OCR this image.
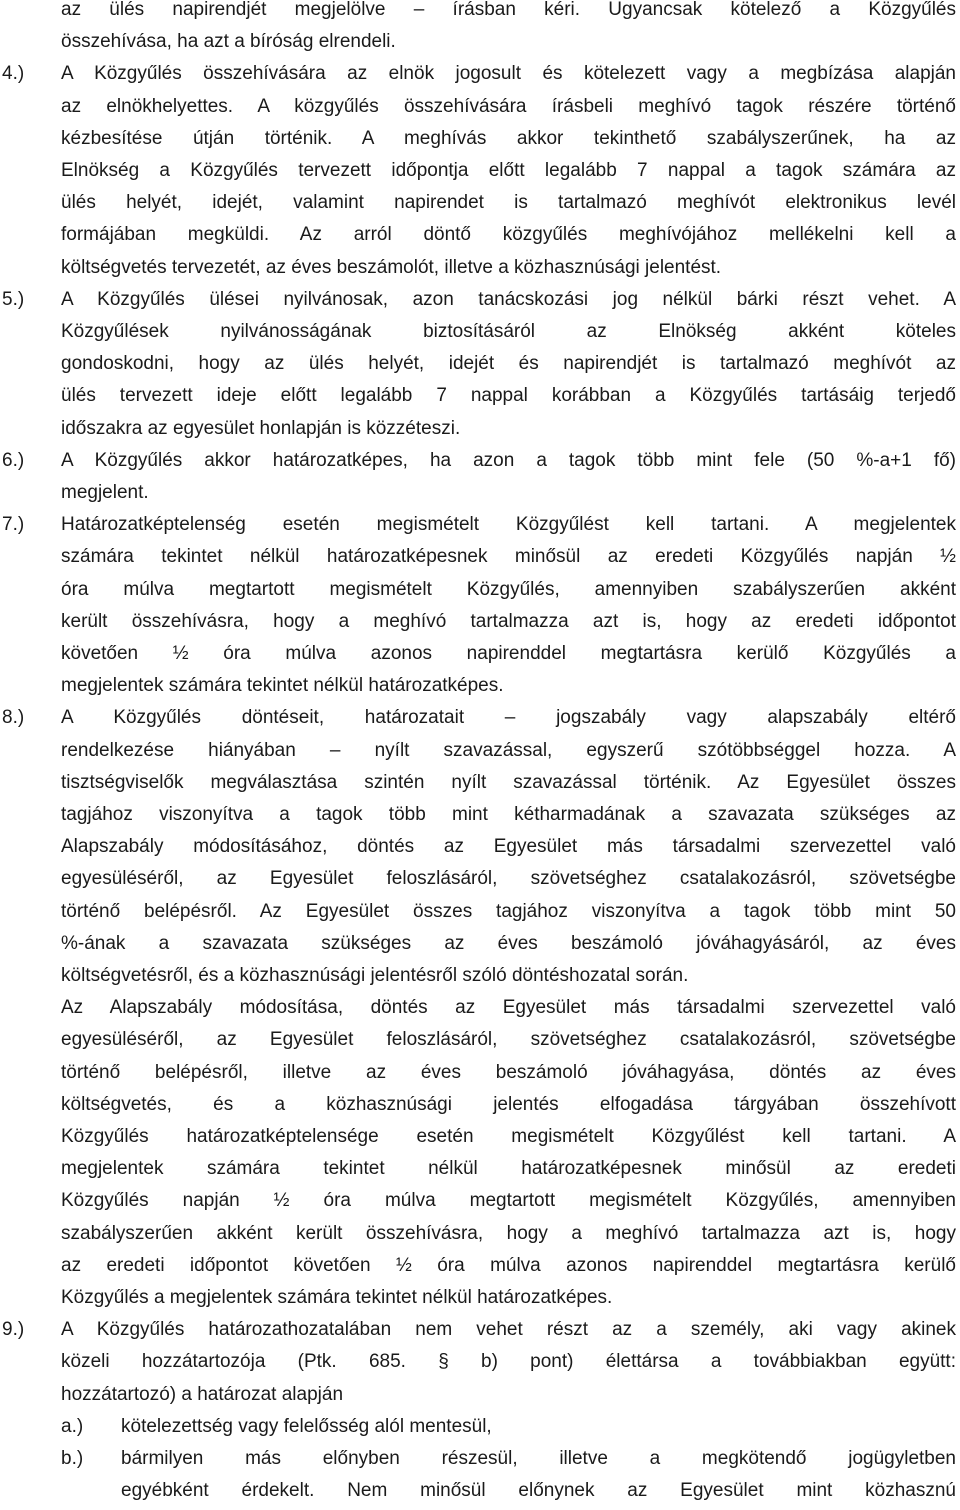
az ülés napirendjét megjelölve – írásban kéri. Ugyancsak kötelező a Közgyűlés
összehívása, ha azt a bíróság elrendeli.
4.) A Közgyűlés összehívására az elnök jogosult és kötelezett vagy a megbízása alapján
az elnökhelyettes. A közgyűlés összehívására írásbeli meghívó tagok részére történő
kézbesítése útján történik. A meghívás akkor tekinthető szabályszerűnek, ha az
Elnökség a Közgyűlés tervezett időpontja előtt legalább 7 nappal a tagok számára az
ülés helyét, idejét, valamint napirendet is tartalmazó meghívót elektronikus levél
formájában megküldi. Az arról döntő közgyűlés meghívójához mellékelni kell a
költségvetés tervezetét, az éves beszámolót, illetve a közhasznúsági jelentést.
5.) A Közgyűlés ülései nyilvánosak, azon tanácskozási jog nélkül bárki részt vehet. A
Közgyűlések nyilvánosságának biztosításáról az Elnökség akként köteles
gondoskodni, hogy az ülés helyét, idejét és napirendjét is tartalmazó meghívót az
ülés tervezett ideje előtt legalább 7 nappal korábban a Közgyűlés tartásáig terjedő
időszakra az egyesület honlapján is közzéteszi.
6.) A Közgyűlés akkor határozatképes, ha azon a tagok több mint fele (50 %-a+1 fő)
megjelent.
7.) Határozatképtelenség esetén megismételt Közgyűlést kell tartani. A megjelentek
számára tekintet nélkül határozatképesnek minősül az eredeti Közgyűlés napján ½
óra múlva megtartott megismételt Közgyűlés, amennyiben szabályszerűen akként
került összehívásra, hogy a meghívó tartalmazza azt is, hogy az eredeti időpontot
követően ½ óra múlva azonos napirenddel megtartásra kerülő Közgyűlés a
megjelentek számára tekintet nélkül határozatképes.
8.) A Közgyűlés döntéseit, határozatait – jogszabály vagy alapszabály eltérő
rendelkezése hiányában – nyílt szavazással, egyszerű szótöbbséggel hozza. A
tisztségviselők megválasztása szintén nyílt szavazással történik. Az Egyesület összes
tagjához viszonyítva a tagok több mint kétharmadának a szavazata szükséges az
Alapszabály módosításához, döntés az Egyesület más társadalmi szervezettel való
egyesüléséről, az Egyesület feloszlásáról, szövetséghez csatalakozásról, szövetségbe
történő belépésről. Az Egyesület összes tagjához viszonyítva a tagok több mint 50
%-ának a szavazata szükséges az éves beszámoló jóváhagyásáról, az éves
költségvetésről, és a közhasznúsági jelentésről szóló döntéshozatal során.
Az Alapszabály módosítása, döntés az Egyesület más társadalmi szervezettel való
egyesüléséről, az Egyesület feloszlásáról, szövetséghez csatalakozásról, szövetségbe
történő belépésről, illetve az éves beszámoló jóváhagyása, döntés az éves
költségvetés, és a közhasznúsági jelentés elfogadása tárgyában összehívott
Közgyűlés határozatképtelensége esetén megismételt Közgyűlést kell tartani. A
megjelentek számára tekintet nélkül határozatképesnek minősül az eredeti
Közgyűlés napján ½ óra múlva megtartott megismételt Közgyűlés, amennyiben
szabályszerűen akként került összehívásra, hogy a meghívó tartalmazza azt is, hogy
az eredeti időpontot követően ½ óra múlva azonos napirenddel megtartásra kerülő
Közgyűlés a megjelentek számára tekintet nélkül határozatképes.
9.) A Közgyűlés határozathozatalában nem vehet részt az a személy, aki vagy akinek
közeli hozzátartozója (Ptk. 685. § b) pont) élettársa a továbbiakban együtt:
hozzátartozó) a határozat alapján
a.) kötelezettség vagy felelősség alól mentesül,
b.) bármilyen más előnyben részesül, illetve a megkötendő jogügyletben
egyébként érdekelt. Nem minősül előnynek az Egyesület mint közhasznú
